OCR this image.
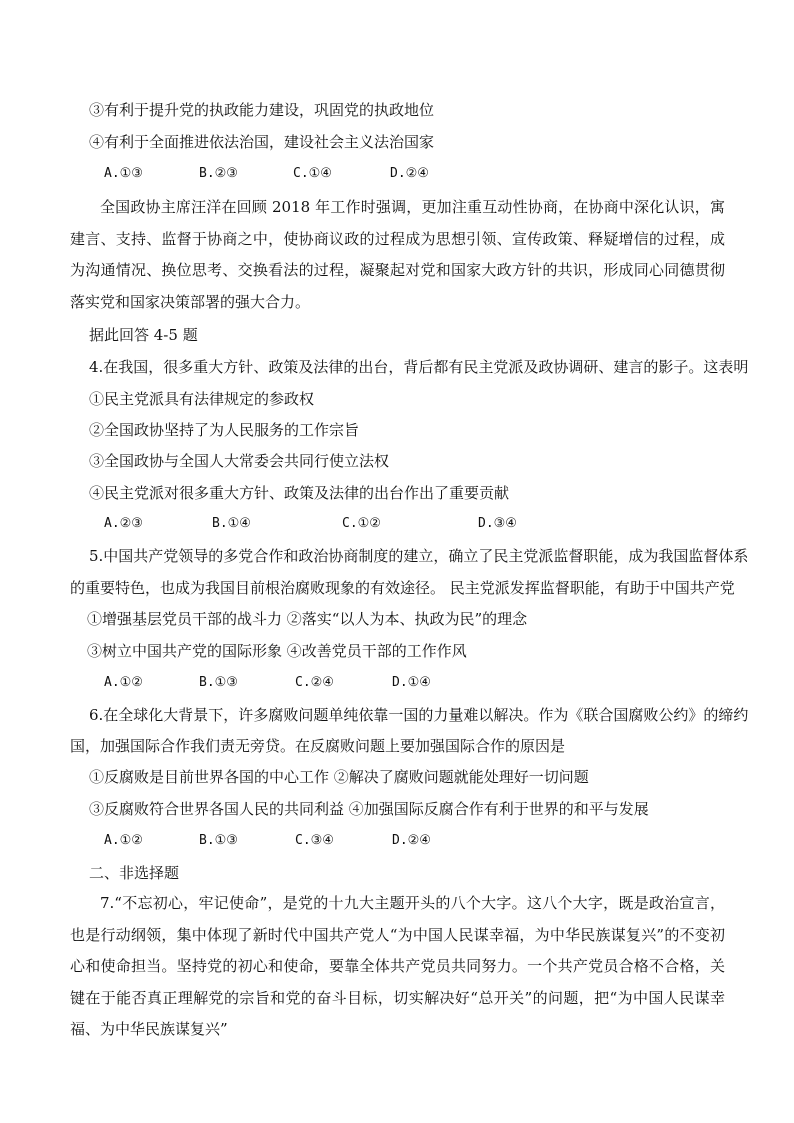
③有利于提升党的执政能力建设，巩固党的执政地位
④有利于全面推进依法治国，建设社会主义法治国家
A.①③	B.②③	C.①④	D.②④
全国政协主席汪洋在回顾 2018 年工作时强调，更加注重互动性协商，在协商中深化认识，寓建言、支持、监督于协商之中，使协商议政的过程成为思想引领、宣传政策、释疑增信的过程，成为沟通情况、换位思考、交换看法的过程，凝聚起对党和国家大政方针的共识，形成同心同德贯彻落实党和国家决策部署的强大合力。
据此回答 4-5 题
4.在我国，很多重大方针、政策及法律的出台，背后都有民主党派及政协调研、建言的影子。这表明
①民主党派具有法律规定的参政权
②全国政协坚持了为人民服务的工作宗旨
③全国政协与全国人大常委会共同行使立法权
④民主党派对很多重大方针、政策及法律的出台作出了重要贡献
A.②③	B.①④	C.①②	D.③④
5.中国共产党领导的多党合作和政治协商制度的建立，确立了民主党派监督职能，成为我国监督体系
的重要特色，也成为我国目前根治腐败现象的有效途径。 民主党派发挥监督职能，有助于中国共产党
①增强基层党员干部的战斗力 ②落实“以人为本、执政为民”的理念
③树立中国共产党的国际形象 ④改善党员干部的工作作风
A.①②	B.①③	C.②④	D.①④
6.在全球化大背景下，许多腐败问题单纯依靠一国的力量难以解决。作为《联合国腐败公约》的缔约
国，加强国际合作我们责无旁贷。在反腐败问题上要加强国际合作的原因是
①反腐败是目前世界各国的中心工作 ②解决了腐败问题就能处理好一切问题
③反腐败符合世界各国人民的共同利益 ④加强国际反腐合作有利于世界的和平与发展
A.①②	B.①③	C.③④	D.②④
二、非选择题
7.“不忘初心，牢记使命”，是党的十九大主题开头的八个大字。这八个大字，既是政治宣言，也是行动纲领，集中体现了新时代中国共产党人“为中国人民谋幸福，为中华民族谋复兴”的不变初心和使命担当。坚持党的初心和使命，要靠全体共产党员共同努力。一个共产党员合格不合格，关键在于能否真正理解党的宗旨和党的奋斗目标，切实解决好“总开关”的问题，把“为中国人民谋幸福、为中华民族谋复兴”
